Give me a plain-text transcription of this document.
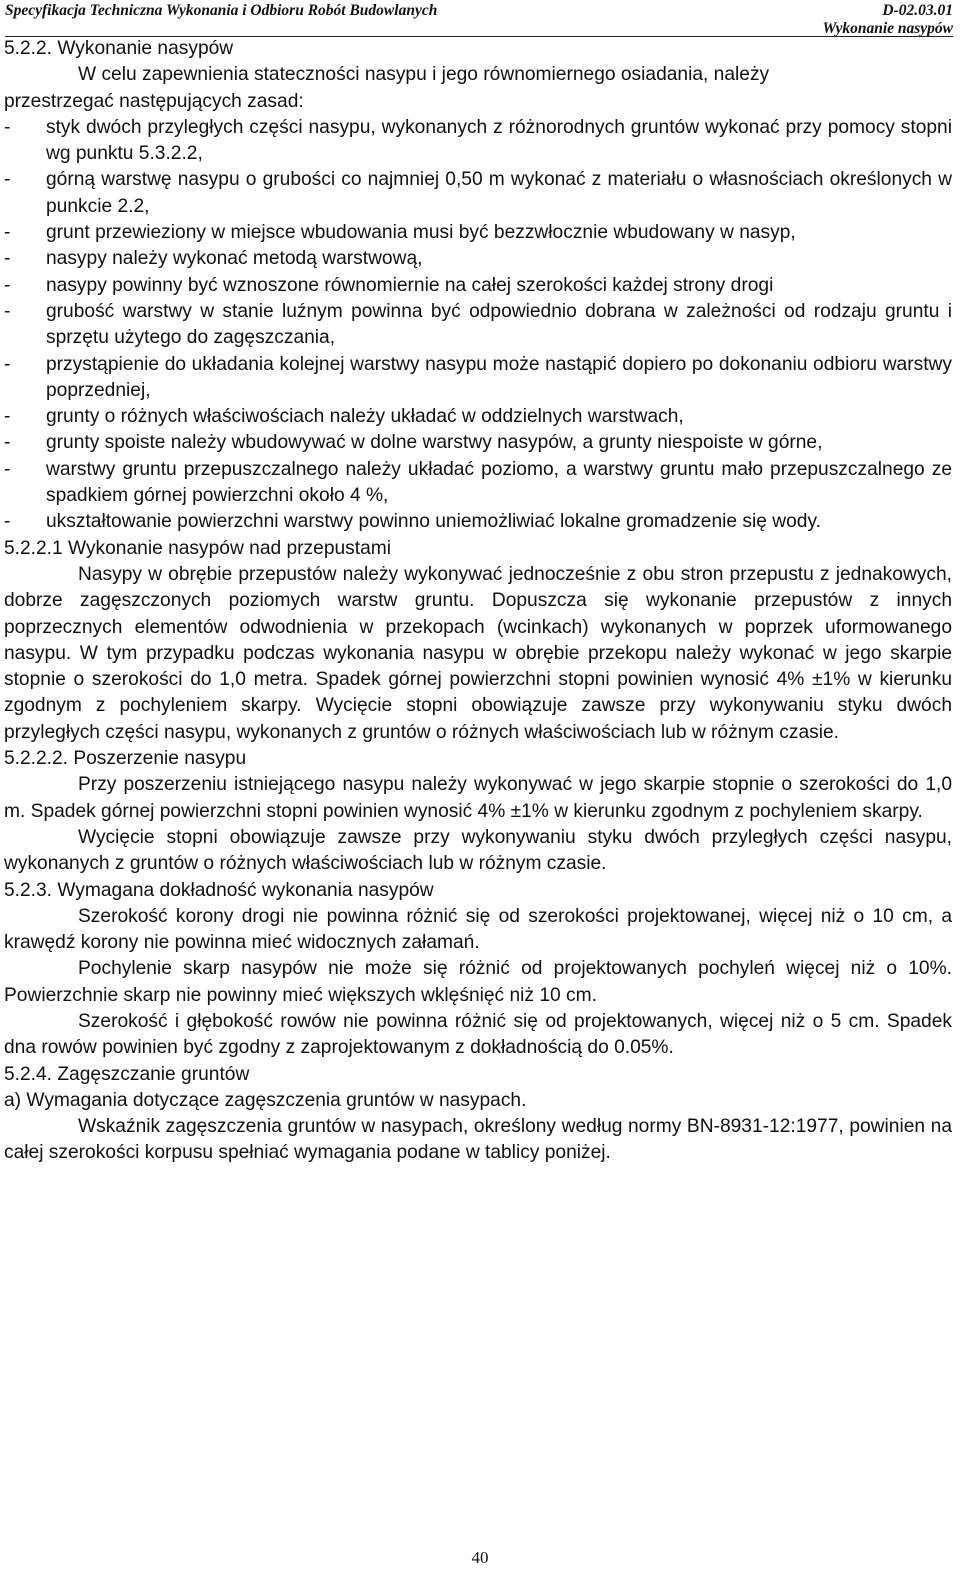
Specyfikacja Techniczna Wykonania i Odbioru Robót Budowlanych	D-02.03.01
Wykonanie nasypów

5.2.2. Wykonanie nasypów

W celu zapewnienia stateczności nasypu i jego równomiernego osiadania, należy

przestrzegać następujących zasad:

- styk dwóch przyległych części nasypu, wykonanych z różnorodnych gruntów wykonać przy pomocy stopni wg punktu 5.3.2.2,
- górną warstwę nasypu o grubości co najmniej 0,50 m wykonać z materiału o własnościach określonych w punkcie 2.2,
- grunt przewieziony w miejsce wbudowania musi być bezzwłocznie wbudowany w nasyp,
- nasypy należy wykonać metodą warstwową,
- nasypy powinny być wznoszone równomiernie na całej szerokości każdej strony drogi
- grubość warstwy w stanie luźnym powinna być odpowiednio dobrana w zależności od rodzaju gruntu i sprzętu użytego do zagęszczania,
- przystąpienie do układania kolejnej warstwy nasypu może nastąpić dopiero po dokonaniu odbioru warstwy poprzedniej,
- grunty o różnych właściwościach należy układać w oddzielnych warstwach,
- grunty spoiste należy wbudowywać w dolne warstwy nasypów, a grunty niespoiste w górne,
- warstwy gruntu przepuszczalnego należy układać poziomo, a warstwy gruntu mało przepuszczalnego ze spadkiem górnej powierzchni około 4 %,
- ukształtowanie powierzchni warstwy powinno uniemożliwiać lokalne gromadzenie się wody.

5.2.2.1 Wykonanie nasypów nad przepustami

Nasypy w obrębie przepustów należy wykonywać jednocześnie z obu stron przepustu z jednakowych, dobrze zagęszczonych poziomych warstw gruntu. Dopuszcza się wykonanie przepustów z innych poprzecznych elementów odwodnienia w przekopach (wcinkach) wykonanych w poprzek uformowanego nasypu. W tym przypadku podczas wykonania nasypu w obrębie przekopu należy wykonać w jego skarpie stopnie o szerokości do 1,0 metra. Spadek górnej powierzchni stopni powinien wynosić 4% ±1% w kierunku zgodnym z pochyleniem skarpy. Wycięcie stopni obowiązuje zawsze przy wykonywaniu styku dwóch przyległych części nasypu, wykonanych z gruntów o różnych właściwościach lub w różnym czasie.

5.2.2.2. Poszerzenie nasypu

Przy poszerzeniu istniejącego nasypu należy wykonywać w jego skarpie stopnie o szerokości do 1,0 m. Spadek górnej powierzchni stopni powinien wynosić 4% ±1% w kierunku zgodnym z pochyleniem skarpy.

Wycięcie stopni obowiązuje zawsze przy wykonywaniu styku dwóch przyległych części nasypu, wykonanych z gruntów o różnych właściwościach lub w różnym czasie.

5.2.3. Wymagana dokładność wykonania nasypów

Szerokość korony drogi nie powinna różnić się od szerokości projektowanej, więcej niż o 10 cm, a krawędź korony nie powinna mieć widocznych załamań.

Pochylenie skarp nasypów nie może się różnić od projektowanych pochyleń więcej niż o 10%. Powierzchnie skarp nie powinny mieć większych wklęśnięć niż 10 cm.

Szerokość i głębokość rowów nie powinna różnić się od projektowanych, więcej niż o 5 cm. Spadek dna rowów powinien być zgodny z zaprojektowanym z dokładnością do 0.05%.

5.2.4. Zagęszczanie gruntów

a) Wymagania dotyczące zagęszczenia gruntów w nasypach.

Wskaźnik zagęszczenia gruntów w nasypach, określony według normy BN-8931-12:1977, powinien na całej szerokości korpusu spełniać wymagania podane w tablicy poniżej.

40
